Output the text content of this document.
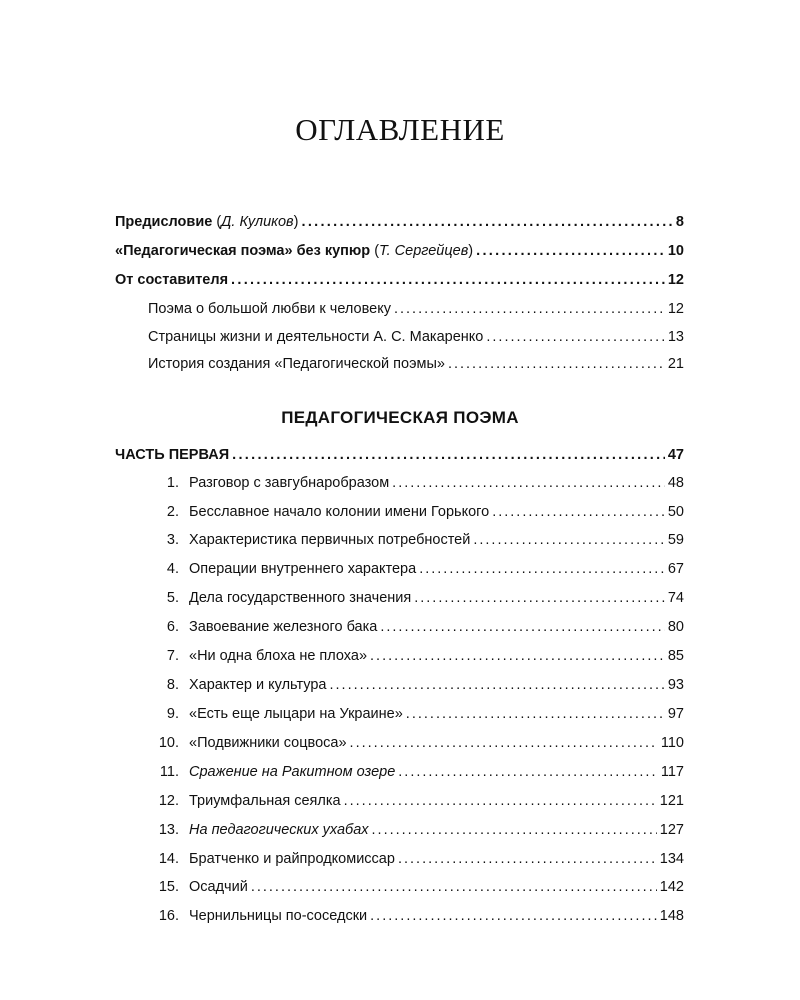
ОГЛАВЛЕНИЕ
Предисловие (Д. Куликов) .....	8
«Педагогическая поэма» без купюр (Т. Сергейцев) .....	10
От составителя .....	12
Поэма о большой любви к человеку .....	12
Страницы жизни и деятельности А. С. Макаренко .....	13
История создания «Педагогической поэмы» .....	21
ПЕДАГОГИЧЕСКАЯ ПОЭМА
ЧАСТЬ ПЕРВАЯ .....	47
1. Разговор с завгубнаробразом .....	48
2. Бесславное начало колонии имени Горького .....	50
3. Характеристика первичных потребностей .....	59
4. Операции внутреннего характера .....	67
5. Дела государственного значения .....	74
6. Завоевание железного бака .....	80
7. «Ни одна блоха не плоха» .....	85
8. Характер и культура .....	93
9. «Есть еще лыцари на Украине» .....	97
10. «Подвижники соцвоса» .....	110
11. Сражение на Ракитном озере .....	117
12. Триумфальная сеялка .....	121
13. На педагогических ухабах .....	127
14. Братченко и райпродкомиссар .....	134
15. Осадчий .....	142
16. Чернильницы по-соседски .....	148
